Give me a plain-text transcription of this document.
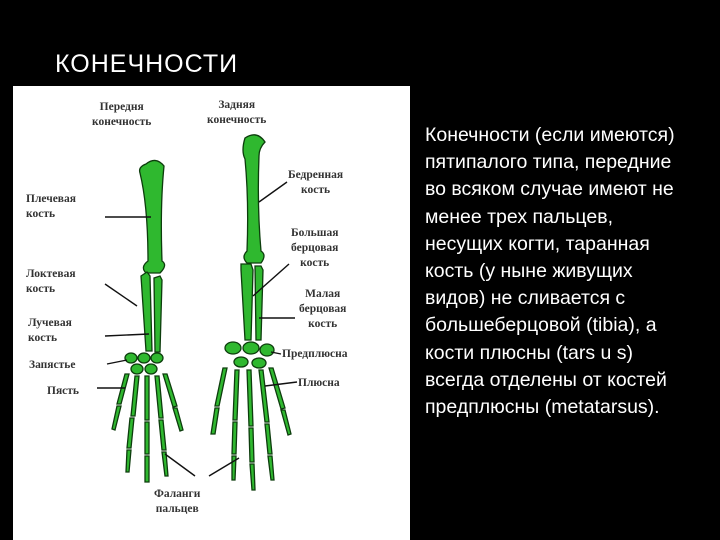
КОНЕЧНОСТИ
Передня
конечность
Задняя
конечность
Плечевая
кость
Локтевая
кость
Лучевая
кость
Запястье
Пясть
Бедренная
кость
Большая
берцовая
кость
Малая
берцовая
кость
Предплюсна
Плюсна
Фаланги
пальцев
Конечности (если имеются) пятипалого типа, передние во всяком случае имеют не менее трех пальцев, несущих когти, таранная кость (у ныне живущих видов) не сливается с большеберцовой (tibia), а кости плюсны (tars u s) всегда отделены от костей предплюсны (metatarsus).
